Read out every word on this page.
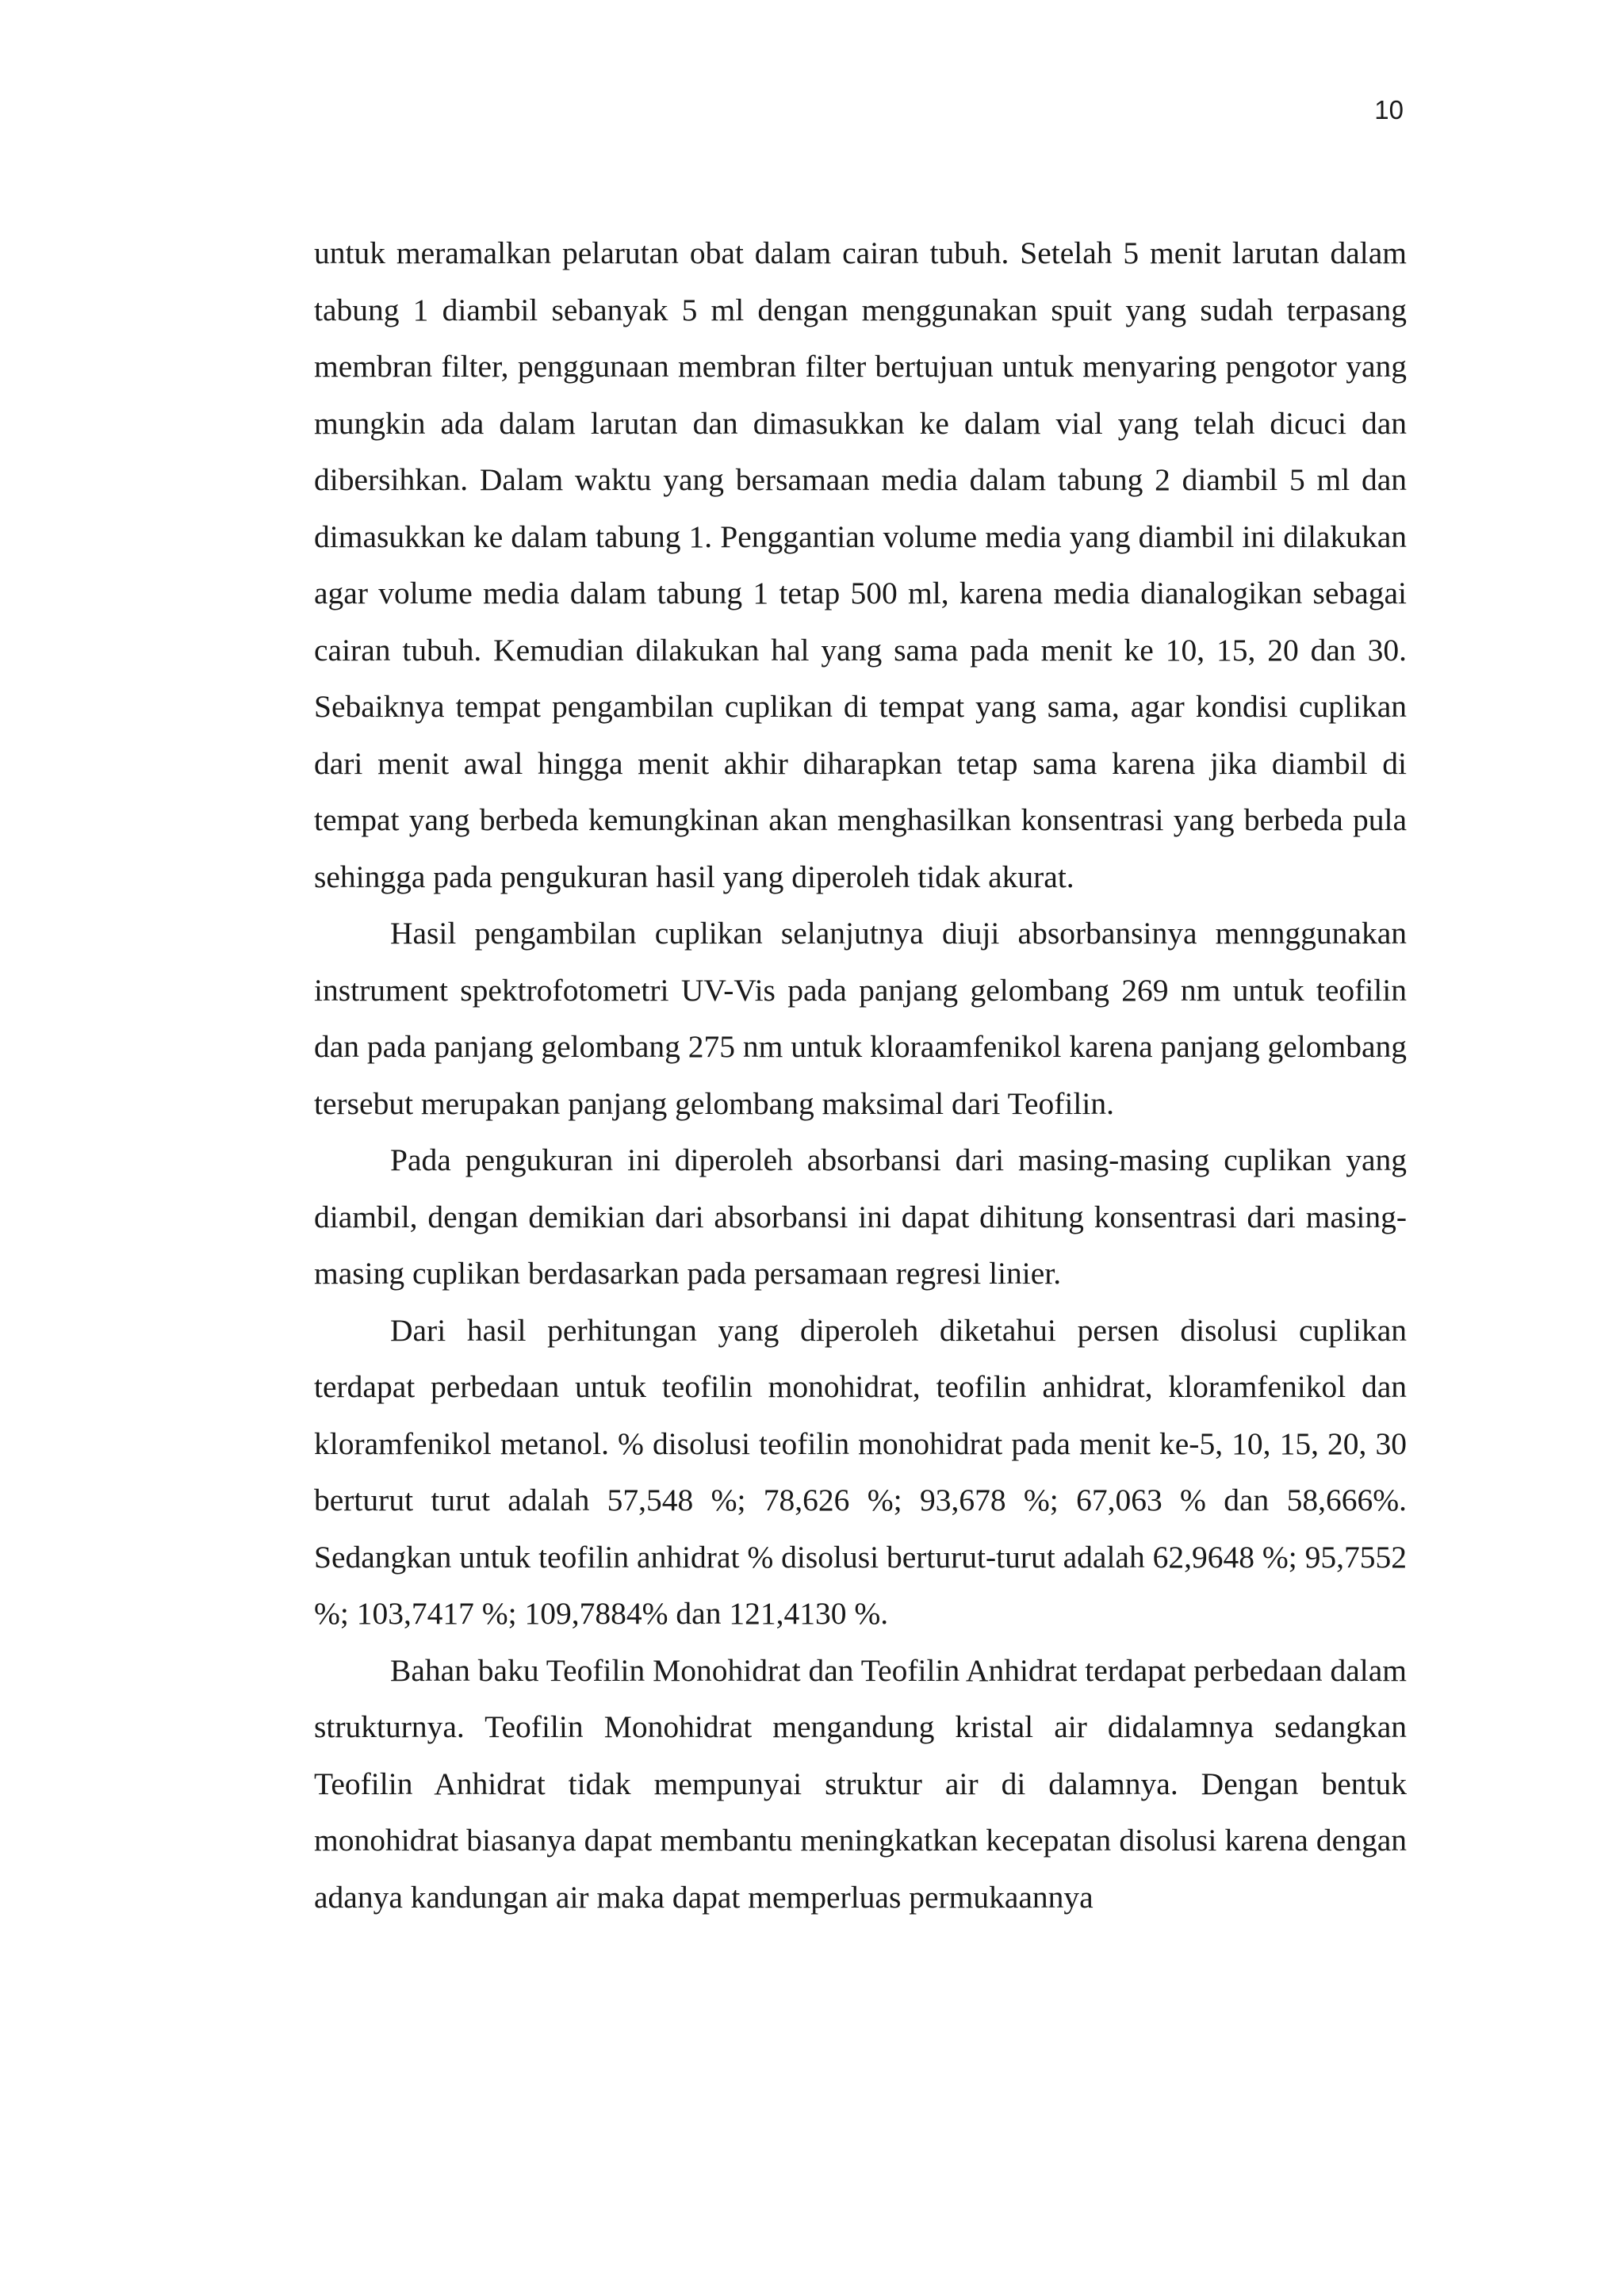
10

untuk meramalkan pelarutan obat dalam cairan tubuh. Setelah 5 menit larutan dalam tabung 1 diambil sebanyak 5 ml dengan menggunakan spuit yang sudah terpasang membran filter, penggunaan membran filter bertujuan untuk menyaring pengotor yang mungkin ada dalam larutan dan dimasukkan ke dalam vial yang telah dicuci dan dibersihkan. Dalam waktu yang bersamaan media dalam tabung 2 diambil 5 ml dan dimasukkan ke dalam tabung 1. Penggantian volume media yang diambil ini dilakukan agar volume media dalam tabung 1 tetap 500 ml, karena media dianalogikan sebagai cairan tubuh. Kemudian dilakukan hal yang sama pada menit ke 10, 15, 20 dan 30. Sebaiknya tempat pengambilan cuplikan di tempat yang sama, agar kondisi cuplikan dari menit awal hingga menit akhir diharapkan tetap sama karena jika diambil di tempat yang berbeda kemungkinan akan menghasilkan konsentrasi yang berbeda pula sehingga pada pengukuran hasil yang diperoleh tidak akurat.

Hasil pengambilan cuplikan selanjutnya diuji absorbansinya mennggunakan instrument spektrofotometri UV-Vis pada panjang gelombang 269 nm untuk teofilin dan pada panjang gelombang 275 nm untuk kloraamfenikol karena panjang gelombang tersebut merupakan panjang gelombang maksimal dari Teofilin.

Pada pengukuran ini diperoleh absorbansi dari masing-masing cuplikan yang diambil, dengan demikian dari absorbansi ini dapat dihitung konsentrasi dari masing-masing cuplikan berdasarkan pada persamaan regresi linier.

Dari hasil perhitungan yang diperoleh diketahui persen disolusi cuplikan terdapat perbedaan untuk teofilin monohidrat, teofilin anhidrat, kloramfenikol dan kloramfenikol metanol. % disolusi teofilin monohidrat pada menit ke-5, 10, 15, 20, 30 berturut turut adalah 57,548 %; 78,626 %; 93,678 %; 67,063 % dan 58,666%. Sedangkan untuk teofilin anhidrat % disolusi berturut-turut adalah 62,9648 %; 95,7552 %; 103,7417 %; 109,7884% dan 121,4130 %.

Bahan baku Teofilin Monohidrat dan Teofilin Anhidrat terdapat perbedaan dalam strukturnya. Teofilin Monohidrat mengandung kristal air didalamnya sedangkan Teofilin Anhidrat tidak mempunyai struktur air di dalamnya. Dengan bentuk monohidrat biasanya dapat membantu meningkatkan kecepatan disolusi karena dengan adanya kandungan air maka dapat memperluas permukaannya
